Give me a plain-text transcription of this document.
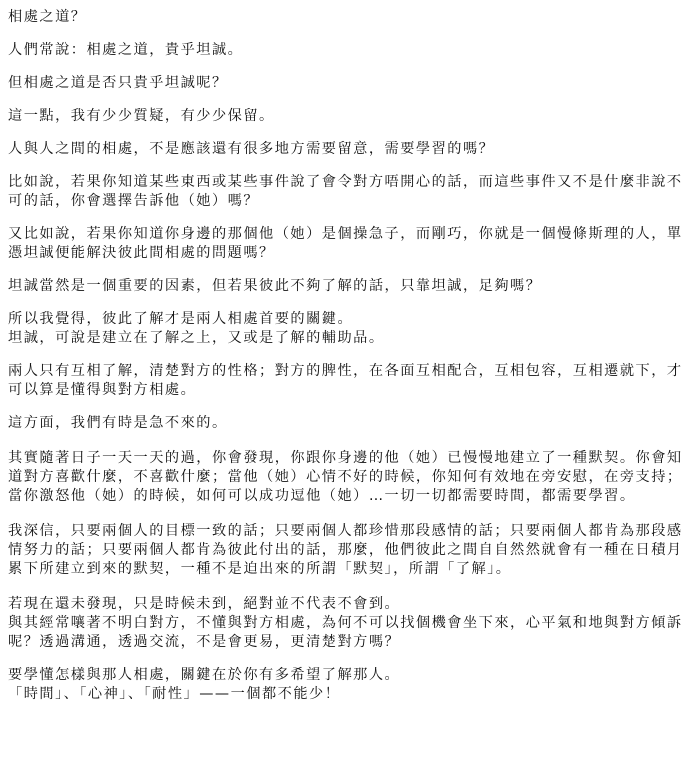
相處之道？

人們常說：相處之道，貴乎坦誠。

但相處之道是否只貴乎坦誠呢？

這一點，我有少少質疑，有少少保留。

人與人之間的相處，不是應該還有很多地方需要留意，需要學習的嗎？

比如說，若果你知道某些東西或某些事件說了會令對方唔開心的話，而這些事件又不是什麼非說不可的話，你會選擇告訴他（她）嗎？

又比如說，若果你知道你身邊的那個他（她）是個操急子，而剛巧，你就是一個慢條斯理的人，單憑坦誠便能解決彼此間相處的問題嗎？

坦誠當然是一個重要的因素，但若果彼此不夠了解的話，只靠坦誠，足夠嗎？

所以我覺得，彼此了解才是兩人相處首要的關鍵。
坦誠，可說是建立在了解之上，又或是了解的輔助品。

兩人只有互相了解，清楚對方的性格；對方的脾性，在各面互相配合，互相包容，互相遷就下，才可以算是懂得與對方相處。

這方面，我們有時是急不來的。

其實隨著日子一天一天的過，你會發現，你跟你身邊的他（她）已慢慢地建立了一種默契。你會知道對方喜歡什麼，不喜歡什麼；當他（她）心情不好的時候，你知何有效地在旁安慰，在旁支持；當你激怒他（她）的時候，如何可以成功逗他（她）…一切一切都需要時間，都需要學習。

我深信，只要兩個人的目標一致的話；只要兩個人都珍惜那段感情的話；只要兩個人都肯為那段感情努力的話；只要兩個人都肯為彼此付出的話，那麼，他們彼此之間自自然然就會有一種在日積月累下所建立到來的默契，一種不是迫出來的所謂「默契」，所謂「了解」。

若現在還未發現，只是時候未到，絕對並不代表不會到。
與其經常嚷著不明白對方，不懂與對方相處，為何不可以找個機會坐下來，心平氣和地與對方傾訴呢？透過溝通，透過交流，不是會更易，更清楚對方嗎？

要學懂怎樣與那人相處，關鍵在於你有多希望了解那人。
「時間」、「心神」、「耐性」——一個都不能少！
